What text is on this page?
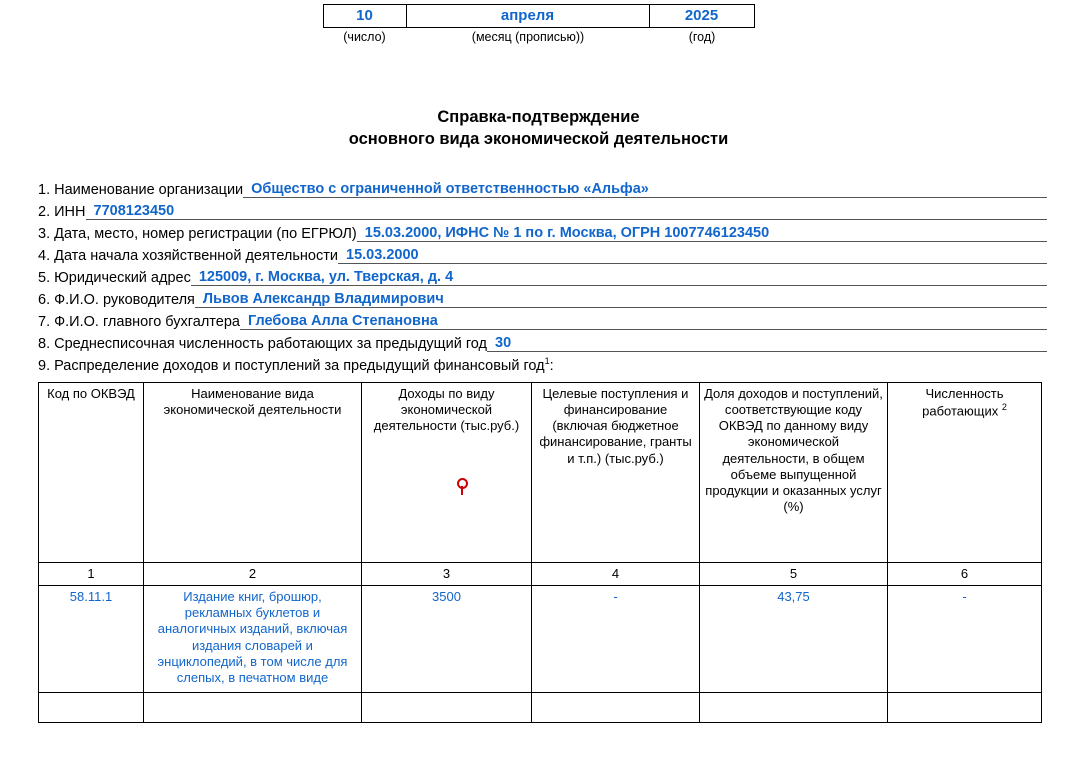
10	апреля	2025
(число)	(месяц (прописью))	(год)
Справка-подтверждение
основного вида экономической деятельности
1. Наименование организации Общество с ограниченной ответственностью «Альфа»
2. ИНН 7708123450
3. Дата, место, номер регистрации (по ЕГРЮЛ) 15.03.2000, ИФНС № 1 по г. Москва, ОГРН 1007746123450
4. Дата начала хозяйственной деятельности 15.03.2000
5. Юридический адрес 125009, г. Москва, ул. Тверская, д. 4
6. Ф.И.О. руководителя Львов Александр Владимирович
7. Ф.И.О. главного бухгалтера Глебова Алла Степановна
8. Среднесписочная численность работающих за предыдущий год 30
9. Распределение доходов и поступлений за предыдущий финансовый год$^1$:
Код по ОКВЭД	Наименование вида экономической деятельности	Доходы по виду экономической деятельности (тыс.руб.)	Целевые поступления и финансирование (включая бюджетное финансирование, гранты и т.п.) (тыс.руб.)	Доля доходов и поступлений, соответствующие коду ОКВЭД по данному виду экономической деятельности, в общем объеме выпущенной продукции и оказанных услуг (%)	Численность работающих $^2$
1	2	3	4	5	6
58.11.1	Издание книг, брошюр, рекламных буклетов и аналогичных изданий, включая издания словарей и энциклопедий, в том числе для слепых, в печатном виде	3500	-	43,75	-
